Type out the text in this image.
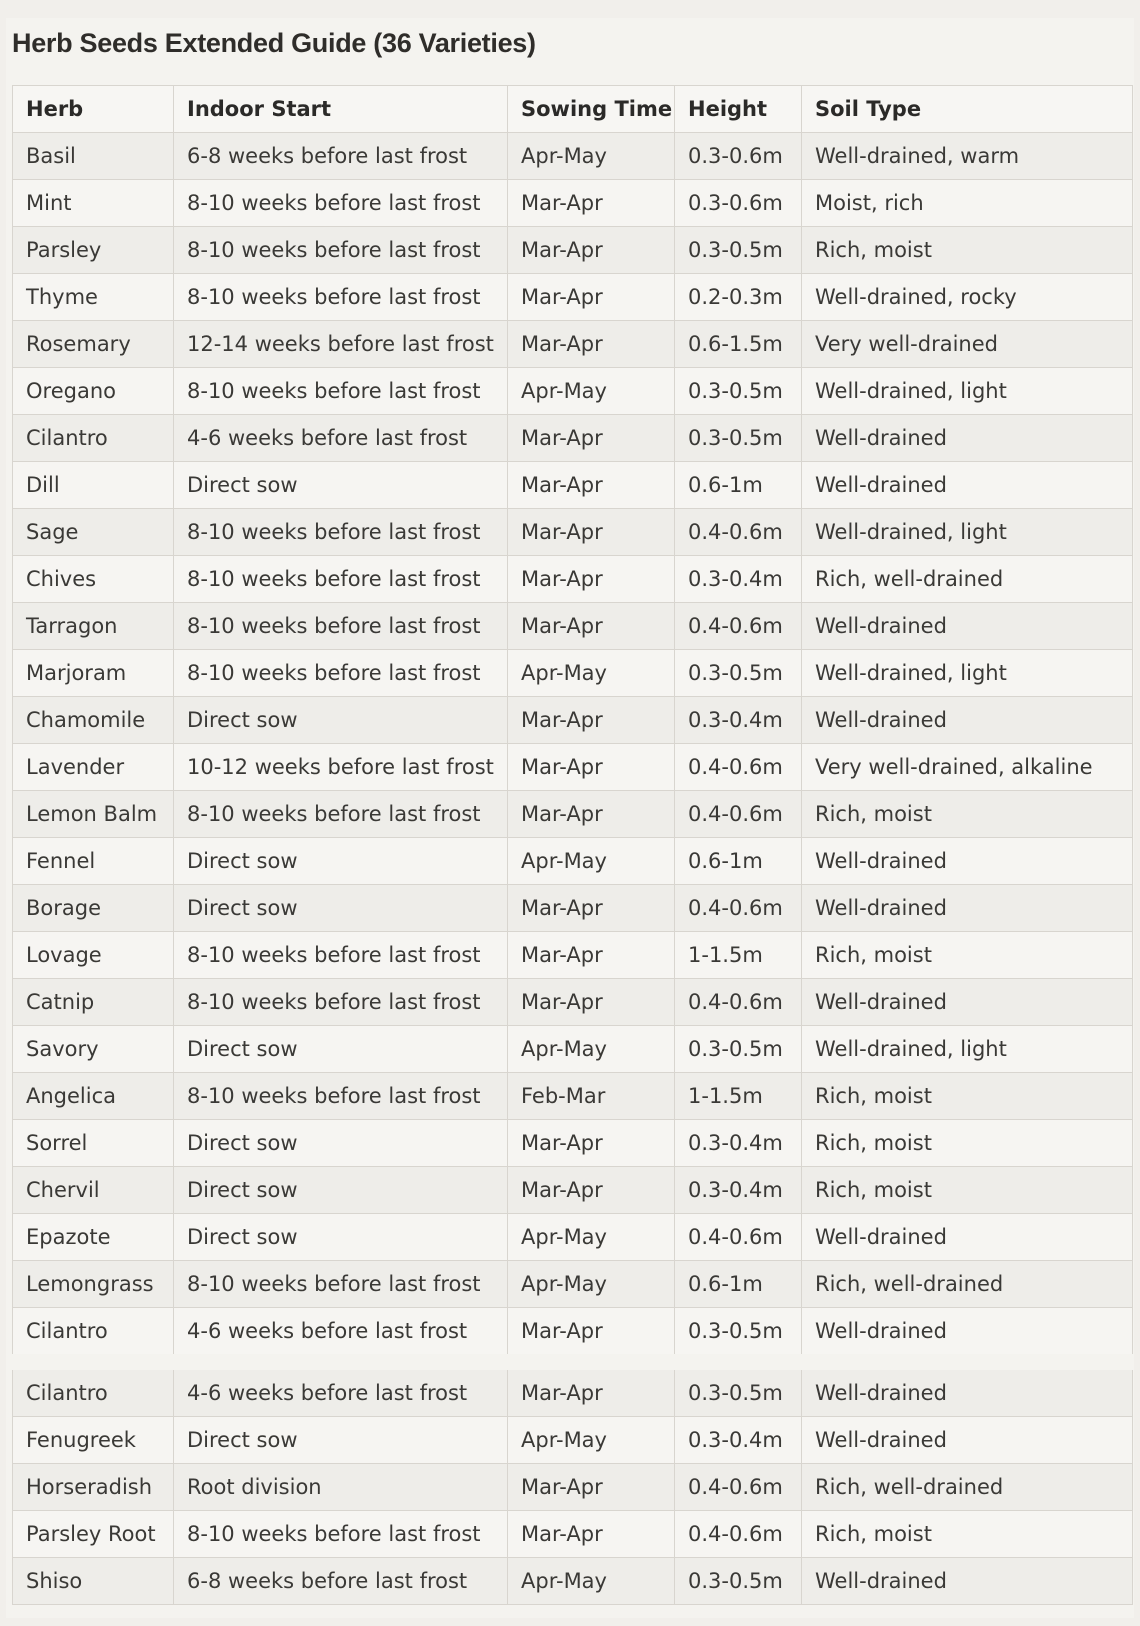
Herb Seeds Extended Guide (36 Varieties)
Herb	Indoor Start	Sowing Time	Height	Soil Type
Basil	6-8 weeks before last frost	Apr-May	0.3-0.6m	Well-drained, warm
Mint	8-10 weeks before last frost	Mar-Apr	0.3-0.6m	Moist, rich
Parsley	8-10 weeks before last frost	Mar-Apr	0.3-0.5m	Rich, moist
Thyme	8-10 weeks before last frost	Mar-Apr	0.2-0.3m	Well-drained, rocky
Rosemary	12-14 weeks before last frost	Mar-Apr	0.6-1.5m	Very well-drained
Oregano	8-10 weeks before last frost	Apr-May	0.3-0.5m	Well-drained, light
Cilantro	4-6 weeks before last frost	Mar-Apr	0.3-0.5m	Well-drained
Dill	Direct sow	Mar-Apr	0.6-1m	Well-drained
Sage	8-10 weeks before last frost	Mar-Apr	0.4-0.6m	Well-drained, light
Chives	8-10 weeks before last frost	Mar-Apr	0.3-0.4m	Rich, well-drained
Tarragon	8-10 weeks before last frost	Mar-Apr	0.4-0.6m	Well-drained
Marjoram	8-10 weeks before last frost	Apr-May	0.3-0.5m	Well-drained, light
Chamomile	Direct sow	Mar-Apr	0.3-0.4m	Well-drained
Lavender	10-12 weeks before last frost	Mar-Apr	0.4-0.6m	Very well-drained, alkaline
Lemon Balm	8-10 weeks before last frost	Mar-Apr	0.4-0.6m	Rich, moist
Fennel	Direct sow	Apr-May	0.6-1m	Well-drained
Borage	Direct sow	Mar-Apr	0.4-0.6m	Well-drained
Lovage	8-10 weeks before last frost	Mar-Apr	1-1.5m	Rich, moist
Catnip	8-10 weeks before last frost	Mar-Apr	0.4-0.6m	Well-drained
Savory	Direct sow	Apr-May	0.3-0.5m	Well-drained, light
Angelica	8-10 weeks before last frost	Feb-Mar	1-1.5m	Rich, moist
Sorrel	Direct sow	Mar-Apr	0.3-0.4m	Rich, moist
Chervil	Direct sow	Mar-Apr	0.3-0.4m	Rich, moist
Epazote	Direct sow	Apr-May	0.4-0.6m	Well-drained
Lemongrass	8-10 weeks before last frost	Apr-May	0.6-1m	Rich, well-drained
Cilantro	4-6 weeks before last frost	Mar-Apr	0.3-0.5m	Well-drained
Cilantro	4-6 weeks before last frost	Mar-Apr	0.3-0.5m	Well-drained
Fenugreek	Direct sow	Apr-May	0.3-0.4m	Well-drained
Horseradish	Root division	Mar-Apr	0.4-0.6m	Rich, well-drained
Parsley Root	8-10 weeks before last frost	Mar-Apr	0.4-0.6m	Rich, moist
Shiso	6-8 weeks before last frost	Apr-May	0.3-0.5m	Well-drained
